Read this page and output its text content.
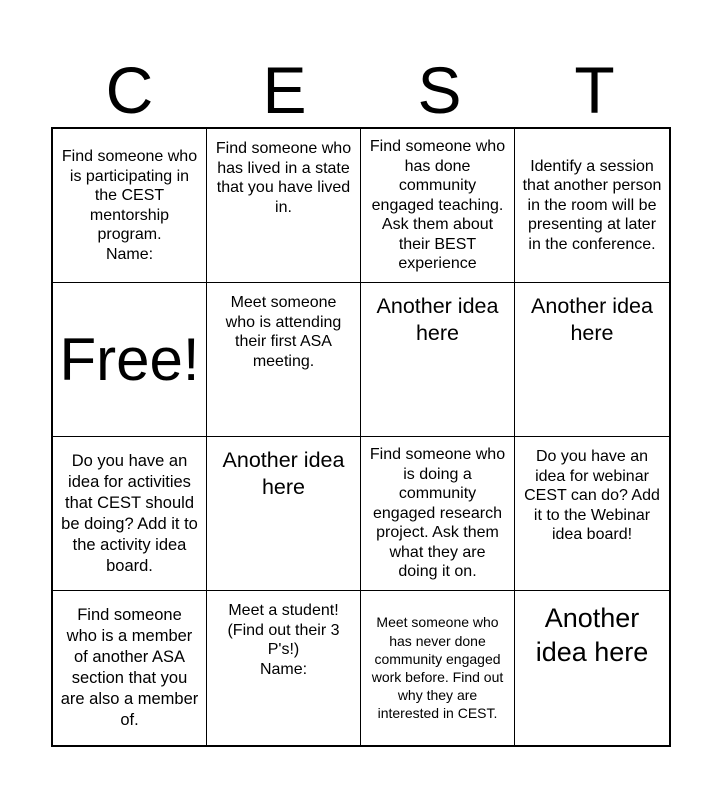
C	E	S	T
Find someone who is participating in the CEST mentorship program.
Name:
Find someone who has lived in a state that you have lived in.
Find someone who has done community engaged teaching. Ask them about their BEST experience
Identify a session that another person in the room will be presenting at later in the conference.
Free!
Meet someone who is attending their first ASA meeting.
Another idea here
Another idea here
Do you have an idea for activities that CEST should be doing? Add it to the activity idea board.
Another idea here
Find someone who is doing a community engaged research project. Ask them what they are doing it on.
Do you have an idea for webinar CEST can do? Add it to the Webinar idea board!
Find someone who is a member of another ASA section that you are also a member of.
Meet a student! (Find out their 3 P's!)
Name:
Meet someone who has never done community engaged work before. Find out why they are interested in CEST.
Another idea here
